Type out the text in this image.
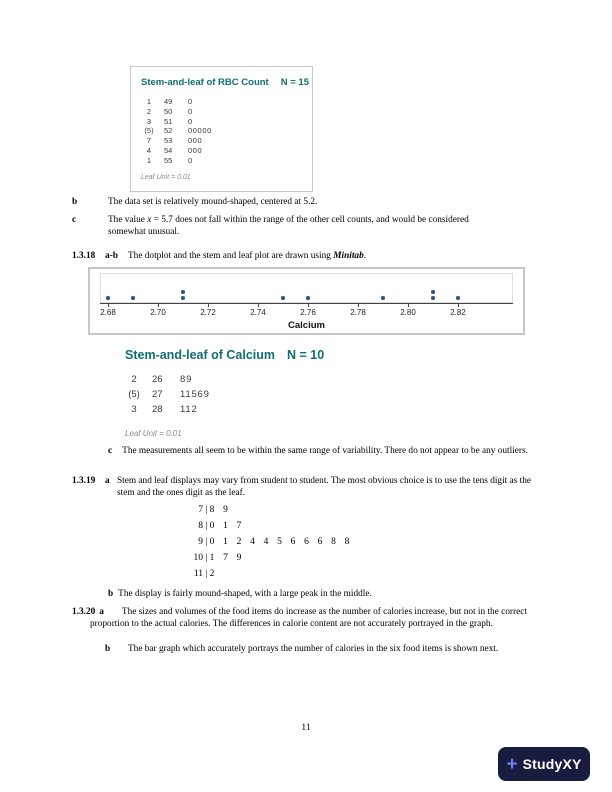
Stem-and-leaf of RBC Count N = 15
1 49 0
2 50 0
3 51 0
(5) 52 00000
7 53 000
4 54 000
1 55 0
Leaf Unit = 0.01
b	The data set is relatively mound-shaped, centered at 5.2.
c	The value x = 5.7 does not fall within the range of the other cell counts, and would be considered somewhat unusual.
1.3.18	a-b	The dotplot and the stem and leaf plot are drawn using Minitab.
2.68	2.70	2.72	2.74	2.76	2.78	2.80	2.82
Calcium
Stem-and-leaf of Calcium N = 10
2 26 89
(5) 27 11569
3 28 112
Leaf Unit = 0.01
c The measurements all seem to be within the same range of variability. There do not appear to be any outliers.
1.3.19	a Stem and leaf displays may vary from student to student. The most obvious choice is to use the tens digit as the stem and the ones digit as the leaf.
7 | 8  9
8 | 0  1  7
9 | 0  1  2  4  4  5  6  6  6  8  8
10 | 1  7  9
11 | 2
b The display is fairly mound-shaped, with a large peak in the middle.
1.3.20 a The sizes and volumes of the food items do increase as the number of calories increase, but not in the correct proportion to the actual calories. The differences in calorie content are not accurately portrayed in the graph.
b	The bar graph which accurately portrays the number of calories in the six food items is shown next.
11
+ StudyXY
